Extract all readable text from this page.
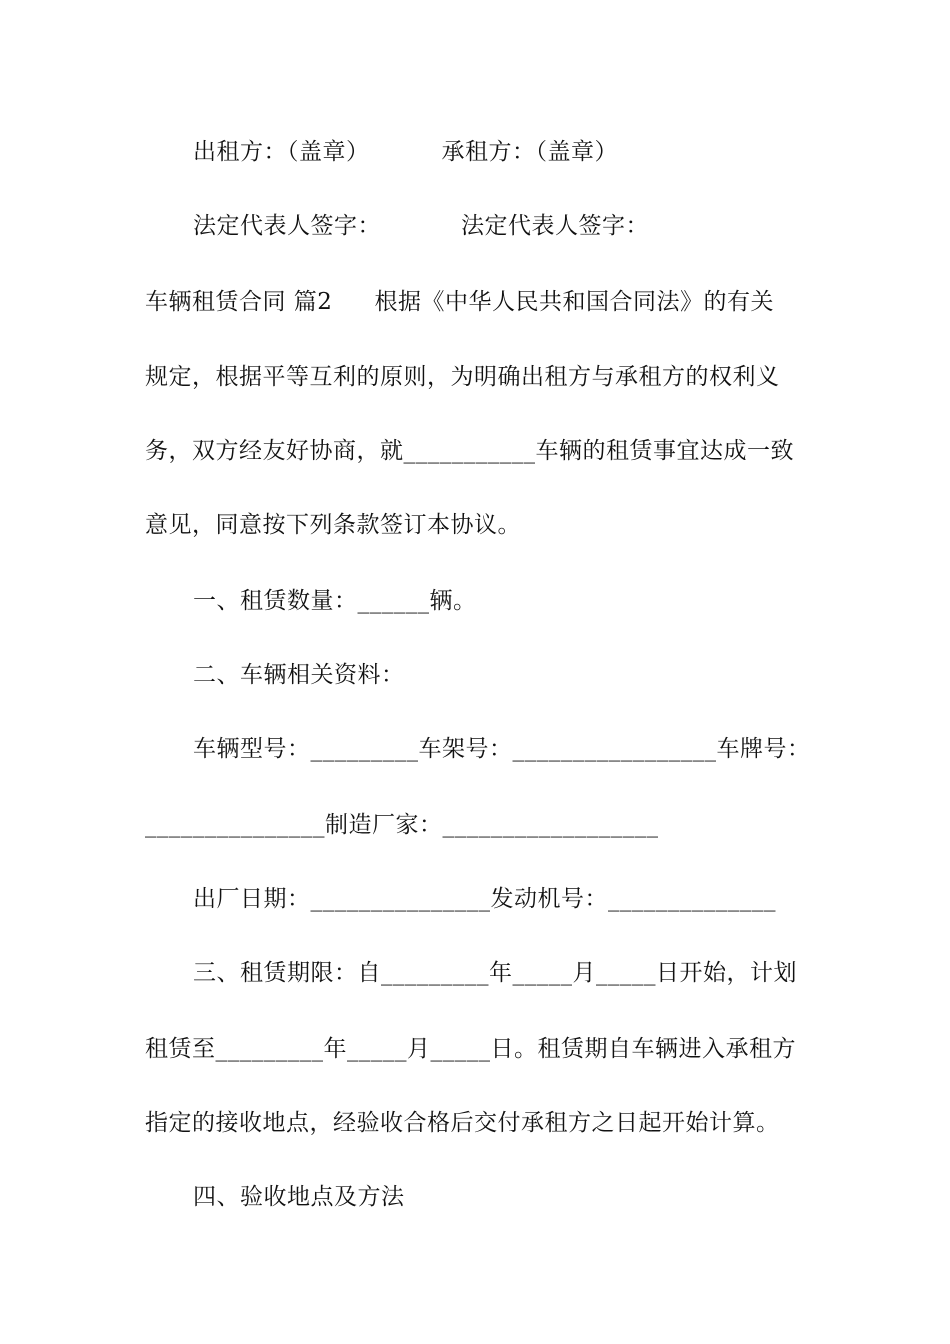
出租方：（盖章）	承租方：（盖章）
法定代表人签字：	法定代表人签字：
车辆租赁合同 篇2 根据《中华人民共和国合同法》的有关
规定，根据平等互利的原则，为明确出租方与承租方的权利义
务，双方经友好协商，就___________车辆的租赁事宜达成一致
意见，同意按下列条款签订本协议。
一、租赁数量：______辆。
二、车辆相关资料：
车辆型号：_________车架号：_________________车牌号：
_______________制造厂家：__________________
出厂日期：_______________发动机号：______________
三、租赁期限：自_________年_____月_____日开始，计划
租赁至_________年_____月_____日。租赁期自车辆进入承租方
指定的接收地点，经验收合格后交付承租方之日起开始计算。
四、验收地点及方法
